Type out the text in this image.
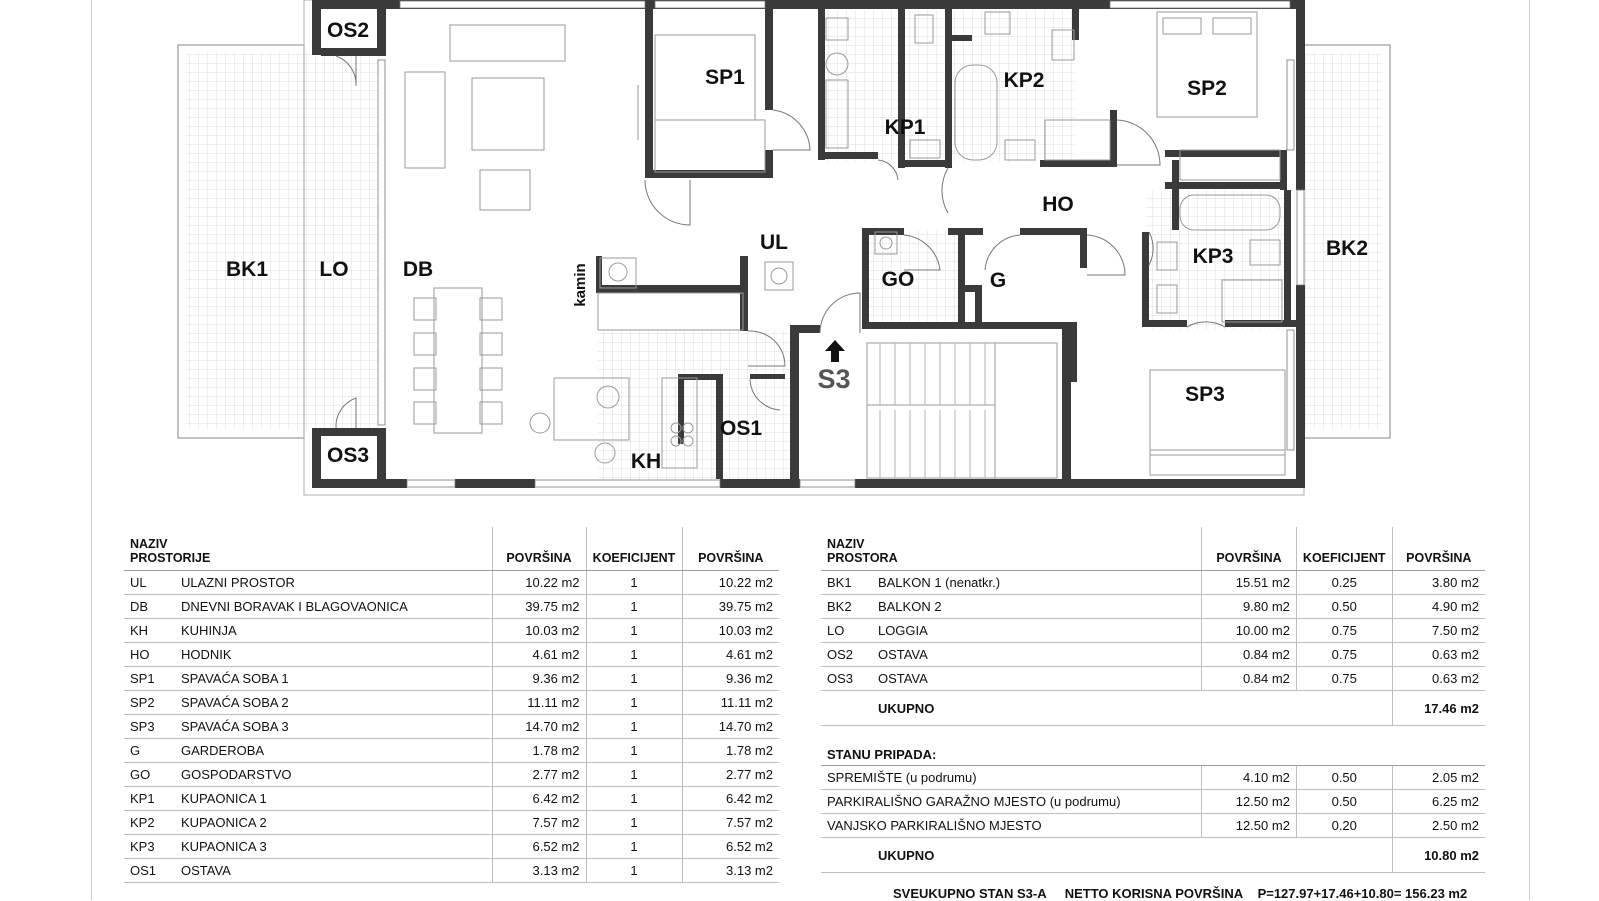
OS2
OS3
SP1
KP1
KP2	SP2
HO
UL
BK1 LO	DB	kamin	GO	G
KP3	BK2
SP3
OS1
KH
S3
NAZIV
PROSTORIJE		POVRŠINA	KOEFICIJENT	POVRŠINA
UL	ULAZNI PROSTOR	10.22 m2	1	10.22 m2
DB	DNEVNI BORAVAK I BLAGOVAONICA	39.75 m2	1	39.75 m2
KH	KUHINJA	10.03 m2	1	10.03 m2
HO	HODNIK	4.61 m2	1	4.61 m2
SP1	SPAVAĆA SOBA 1	9.36 m2	1	9.36 m2
SP2	SPAVAĆA SOBA 2	11.11 m2	1	11.11 m2
SP3	SPAVAĆA SOBA 3	14.70 m2	1	14.70 m2
G	GARDEROBA	1.78 m2	1	1.78 m2
GO	GOSPODARSTVO	2.77 m2	1	2.77 m2
KP1	KUPAONICA 1	6.42 m2	1	6.42 m2
KP2	KUPAONICA 2	7.57 m2	1	7.57 m2
KP3	KUPAONICA 3	6.52 m2	1	6.52 m2
OS1	OSTAVA	3.13 m2	1	3.13 m2
NAZIV
PROSTORA		POVRŠINA	KOEFICIJENT	POVRŠINA
BK1	BALKON 1 (nenatkr.)	15.51 m2	0.25	3.80 m2
BK2	BALKON 2	9.80 m2	0.50	4.90 m2
LO	LOGGIA	10.00 m2	0.75	7.50 m2
OS2	OSTAVA	0.84 m2	0.75	0.63 m2
OS3	OSTAVA	0.84 m2	0.75	0.63 m2
	UKUPNO			17.46 m2
STANU PRIPADA:				
SPREMIŠTE (u podrumu)		4.10 m2	0.50	2.05 m2
PARKIRALIŠNO GARAŽNO MJESTO (u podrumu)		12.50 m2	0.50	6.25 m2
VANJSKO PARKIRALIŠNO MJESTO		12.50 m2	0.20	2.50 m2
	UKUPNO			10.80 m2
SVEUKUPNO STAN S3-A NETTO KORISNA POVRŠINA P=127.97+17.46+10.80= 156.23 m2
